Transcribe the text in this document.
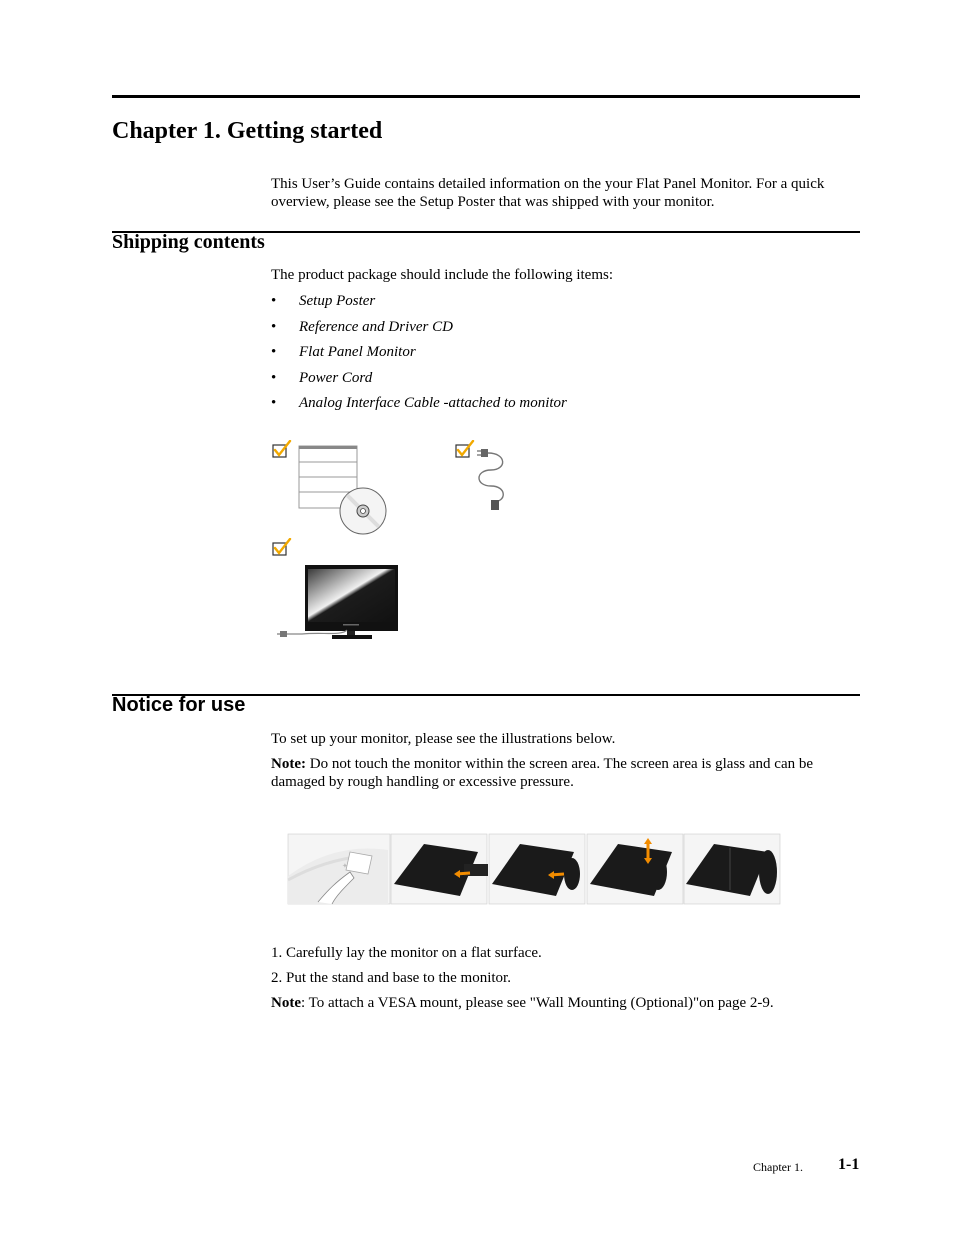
Chapter 1. Getting started
This User’s Guide contains detailed information on the your Flat Panel Monitor. For a quick overview, please see the Setup Poster that was shipped with your monitor.
Shipping contents
The product package should include the following items:
• Setup Poster
• Reference and Driver CD
• Flat Panel Monitor
• Power Cord
• Analog Interface Cable -attached to monitor
Notice for use
To set up your monitor, please see the illustrations below.
Note: Do not touch the monitor within the screen area. The screen area is glass and can be damaged by rough handling or excessive pressure.
✦
1. Carefully lay the monitor on a flat surface.
2. Put the stand and base to the monitor.
Note: To attach a VESA mount, please see "Wall Mounting (Optional)"on page 2-9.
Chapter 1. 1-1
